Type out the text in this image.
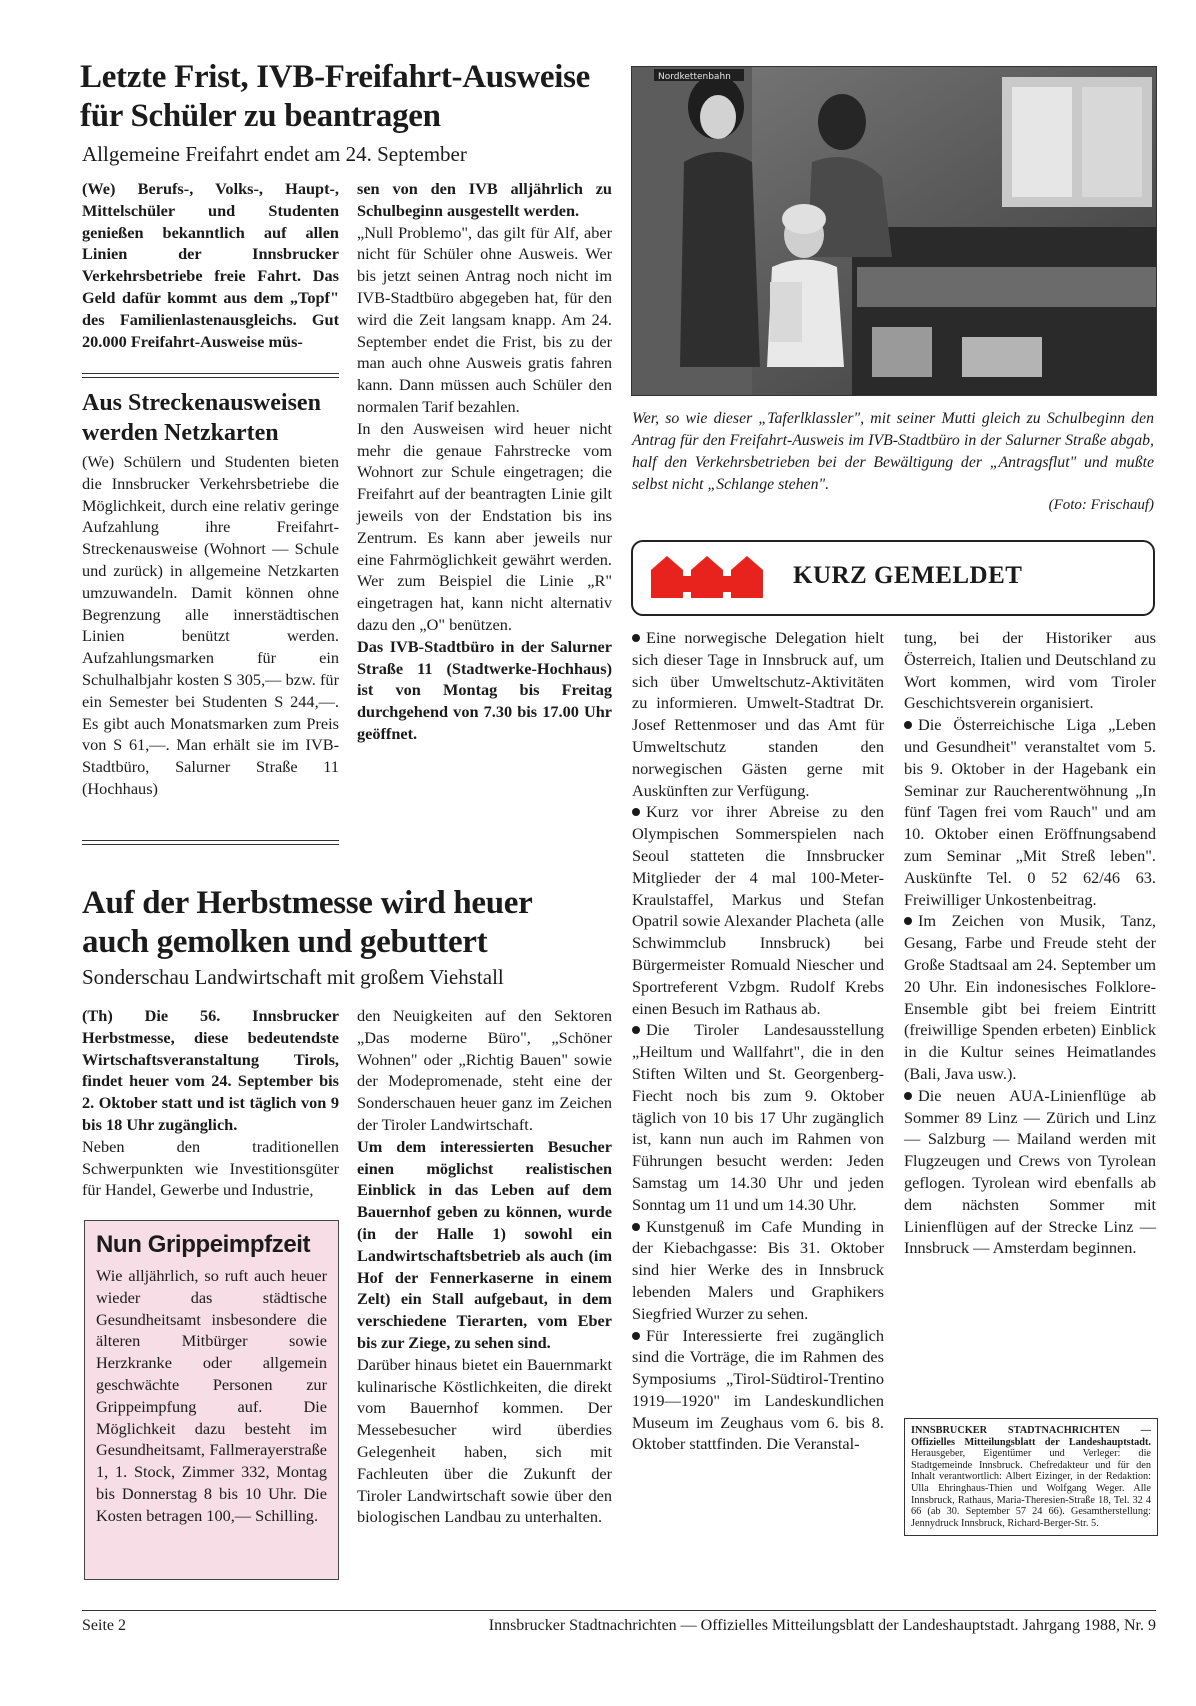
Letzte Frist, IVB-Freifahrt-Ausweise
für Schüler zu beantragen
Allgemeine Freifahrt endet am 24. September
(We) Berufs-, Volks-, Haupt-, Mittelschüler und Studenten genießen bekanntlich auf allen Linien der Innsbrucker Verkehrsbetriebe freie Fahrt. Das Geld dafür kommt aus dem „Topf" des Familienlastenausgleichs. Gut 20.000 Freifahrt-Ausweise müs-
Aus Streckenausweisen
werden Netzkarten
(We) Schülern und Studenten bieten die Innsbrucker Verkehrsbetriebe die Möglichkeit, durch eine relativ geringe Aufzahlung ihre Freifahrt-Streckenausweise (Wohnort — Schule und zurück) in allgemeine Netzkarten umzuwandeln. Damit können ohne Begrenzung alle innerstädtischen Linien benützt werden. Aufzahlungsmarken für ein Schulhalbjahr kosten S 305,— bzw. für ein Semester bei Studenten S 244,—. Es gibt auch Monatsmarken zum Preis von S 61,—. Man erhält sie im IVB-Stadtbüro, Salurner Straße 11 (Hochhaus)

sen von den IVB alljährlich zu Schulbeginn ausgestellt werden.

„Null Problemo", das gilt für Alf, aber nicht für Schüler ohne Ausweis. Wer bis jetzt seinen Antrag noch nicht im IVB-Stadtbüro abgegeben hat, für den wird die Zeit langsam knapp. Am 24. September endet die Frist, bis zu der man auch ohne Ausweis gratis fahren kann. Dann müssen auch Schüler den normalen Tarif bezahlen.

In den Ausweisen wird heuer nicht mehr die genaue Fahrstrecke vom Wohnort zur Schule eingetragen; die Freifahrt auf der beantragten Linie gilt jeweils von der Endstation bis ins Zentrum. Es kann aber jeweils nur eine Fahrmöglichkeit gewährt werden. Wer zum Beispiel die Linie „R" eingetragen hat, kann nicht alternativ dazu den „O" benützen.

Das IVB-Stadtbüro in der Salurner Straße 11 (Stadtwerke-Hochhaus) ist von Montag bis Freitag durchgehend von 7.30 bis 17.00 Uhr geöffnet.

Nordkettenbahn
Wer, so wie dieser „Taferlklassler", mit seiner Mutti gleich zu Schulbeginn den Antrag für den Freifahrt-Ausweis im IVB-Stadtbüro in der Salurner Straße abgab, half den Verkehrsbetrieben bei der Bewältigung der „Antragsflut" und mußte selbst nicht „Schlange stehen".
(Foto: Frischauf)
KURZ GEMELDET

Eine norwegische Delegation hielt sich dieser Tage in Innsbruck auf, um sich über Umweltschutz-Aktivitäten zu informieren. Umwelt-Stadtrat Dr. Josef Rettenmoser und das Amt für Umweltschutz standen den norwegischen Gästen gerne mit Auskünften zur Verfügung.

Kurz vor ihrer Abreise zu den Olympischen Sommerspielen nach Seoul statteten die Innsbrucker Mitglieder der 4 mal 100-Meter-Kraulstaffel, Markus und Stefan Opatril sowie Alexander Placheta (alle Schwimmclub Innsbruck) bei Bürgermeister Romuald Niescher und Sportreferent Vzbgm. Rudolf Krebs einen Besuch im Rathaus ab.

Die Tiroler Landesausstellung „Heiltum und Wallfahrt", die in den Stiften Wilten und St. Georgenberg-Fiecht noch bis zum 9. Oktober täglich von 10 bis 17 Uhr zugänglich ist, kann nun auch im Rahmen von Führungen besucht werden: Jeden Samstag um 14.30 Uhr und jeden Sonntag um 11 und um 14.30 Uhr.

Kunstgenuß im Cafe Munding in der Kiebachgasse: Bis 31. Oktober sind hier Werke des in Innsbruck lebenden Malers und Graphikers Siegfried Wurzer zu sehen.

Für Interessierte frei zugänglich sind die Vorträge, die im Rahmen des Symposiums „Tirol-Südtirol-Trentino 1919—1920" im Landeskundlichen Museum im Zeughaus vom 6. bis 8. Oktober stattfinden. Die Veranstal-

tung, bei der Historiker aus Österreich, Italien und Deutschland zu Wort kommen, wird vom Tiroler Geschichtsverein organisiert.

Die Österreichische Liga „Leben und Gesundheit" veranstaltet vom 5. bis 9. Oktober in der Hagebank ein Seminar zur Raucherentwöhnung „In fünf Tagen frei vom Rauch" und am 10. Oktober einen Eröffnungsabend zum Seminar „Mit Streß leben". Auskünfte Tel. 0 52 62/46 63. Freiwilliger Unkostenbeitrag.

Im Zeichen von Musik, Tanz, Gesang, Farbe und Freude steht der Große Stadtsaal am 24. September um 20 Uhr. Ein indonesisches Folklore-Ensemble gibt bei freiem Eintritt (freiwillige Spenden erbeten) Einblick in die Kultur seines Heimatlandes (Bali, Java usw.).

Die neuen AUA-Linienflüge ab Sommer 89 Linz — Zürich und Linz — Salzburg — Mailand werden mit Flugzeugen und Crews von Tyrolean geflogen. Tyrolean wird ebenfalls ab dem nächsten Sommer mit Linienflügen auf der Strecke Linz — Innsbruck — Amsterdam beginnen.

INNSBRUCKER STADTNACHRICHTEN — Offizielles Mitteilungsblatt der Landeshauptstadt. Herausgeber, Eigentümer und Verleger: die Stadtgemeinde Innsbruck. Chefredakteur und für den Inhalt verantwortlich: Albert Eizinger, in der Redaktion: Ulla Ehringhaus-Thien und Wolfgang Weger. Alle Innsbruck, Rathaus, Maria-Theresien-Straße 18, Tel. 32 4 66 (ab 30. September 57 24 66). Gesamtherstellung: Jennydruck Innsbruck, Richard-Berger-Str. 5.
Auf der Herbstmesse wird heuer
auch gemolken und gebuttert
Sonderschau Landwirtschaft mit großem Viehstall

(Th) Die 56. Innsbrucker Herbstmesse, diese bedeutendste Wirtschaftsveranstaltung Tirols, findet heuer vom 24. September bis 2. Oktober statt und ist täglich von 9 bis 18 Uhr zugänglich.

Neben den traditionellen Schwerpunkten wie Investitionsgüter für Handel, Gewerbe und Industrie,

den Neuigkeiten auf den Sektoren „Das moderne Büro", „Schöner Wohnen" oder „Richtig Bauen" sowie der Modepromenade, steht eine der Sonderschauen heuer ganz im Zeichen der Tiroler Landwirtschaft.

Um dem interessierten Besucher einen möglichst realistischen Einblick in das Leben auf dem Bauernhof geben zu können, wurde (in der Halle 1) sowohl ein Landwirtschaftsbetrieb als auch (im Hof der Fennerkaserne in einem Zelt) ein Stall aufgebaut, in dem verschiedene Tierarten, vom Eber bis zur Ziege, zu sehen sind.

Darüber hinaus bietet ein Bauernmarkt kulinarische Köstlichkeiten, die direkt vom Bauernhof kommen. Der Messebesucher wird überdies Gelegenheit haben, sich mit Fachleuten über die Zukunft der Tiroler Landwirtschaft sowie über den biologischen Landbau zu unterhalten.

Nun Grippeimpfzeit
Wie alljährlich, so ruft auch heuer wieder das städtische Gesundheitsamt insbesondere die älteren Mitbürger sowie Herzkranke oder allgemein geschwächte Personen zur Grippeimpfung auf. Die Möglichkeit dazu besteht im Gesundheitsamt, Fallmerayerstraße 1, 1. Stock, Zimmer 332, Montag bis Donnerstag 8 bis 10 Uhr. Die Kosten betragen 100,— Schilling.
Seite 2	Innsbrucker Stadtnachrichten — Offizielles Mitteilungsblatt der Landeshauptstadt. Jahrgang 1988, Nr. 9
